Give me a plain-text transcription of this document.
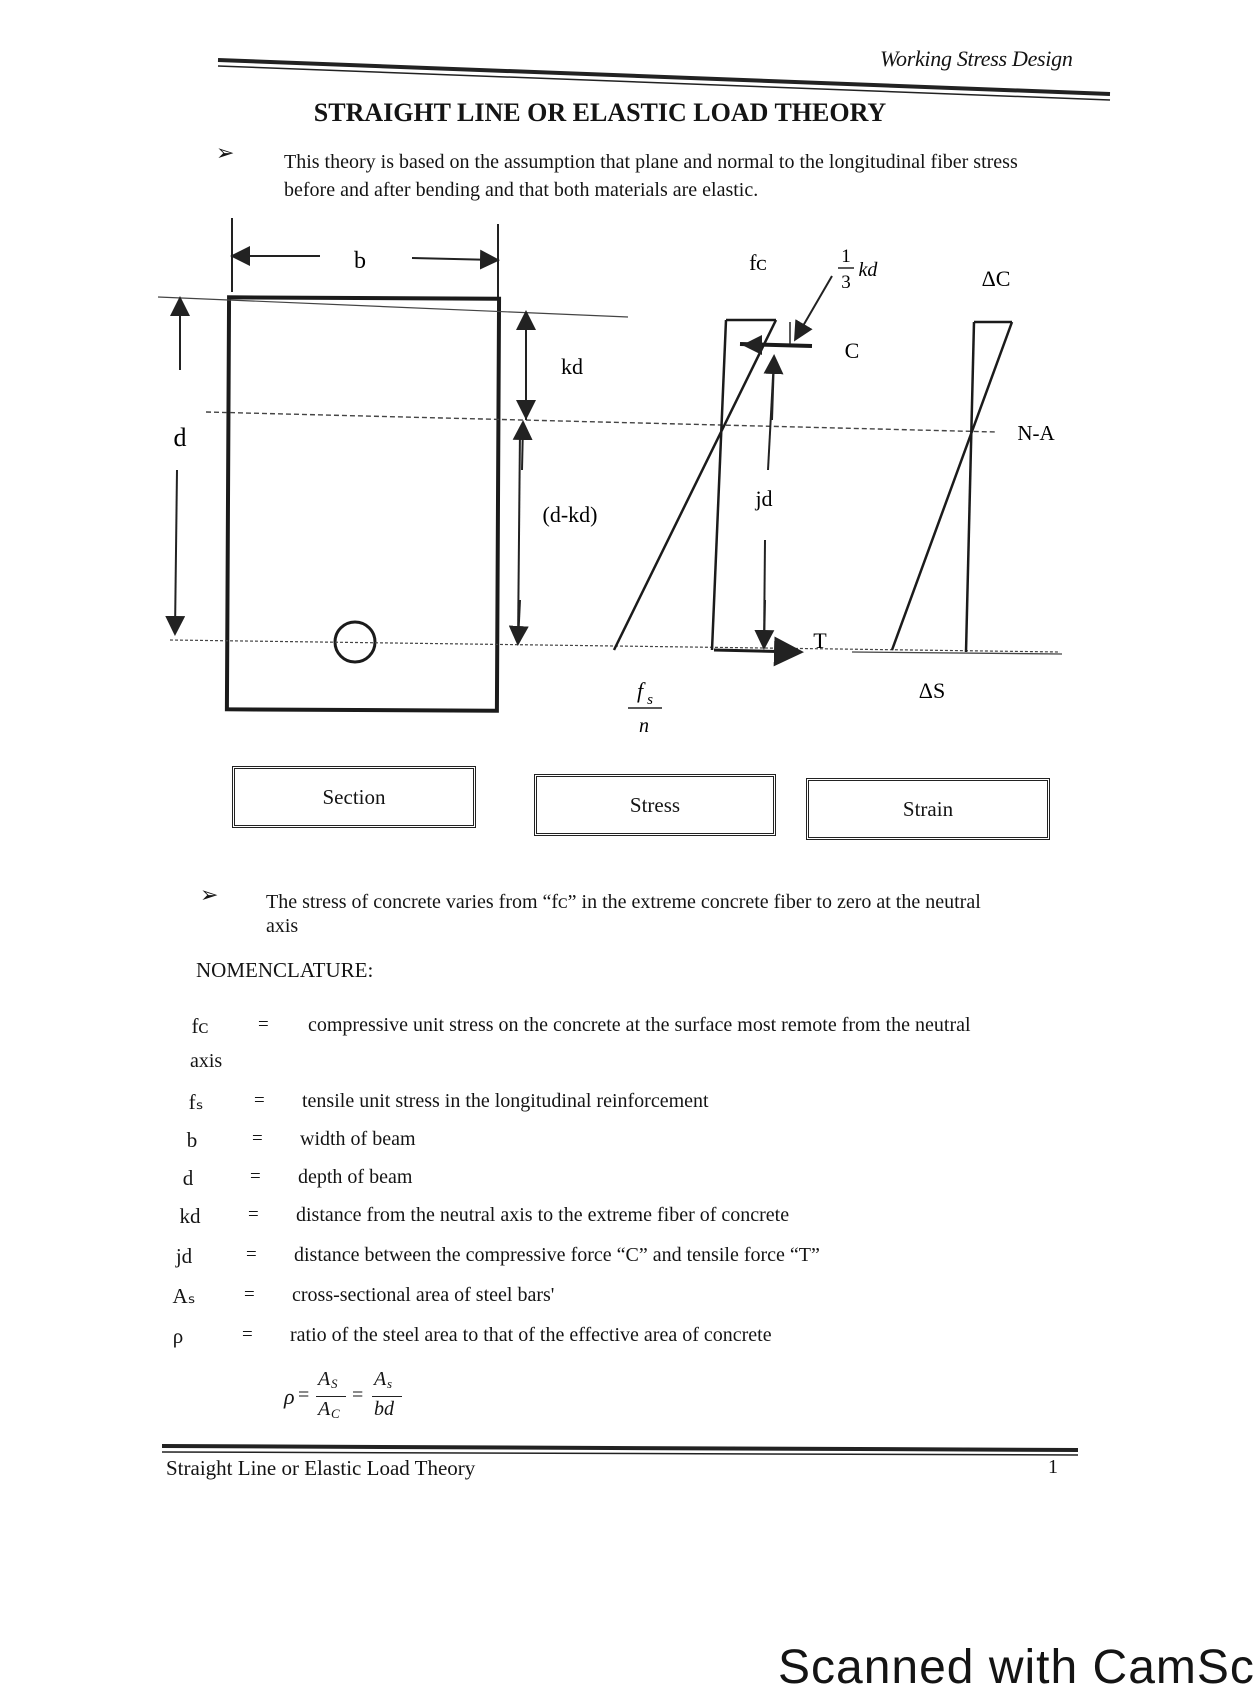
Working Stress Design
STRAIGHT LINE OR ELASTIC LOAD THEORY
➢ This theory is based on the assumption that plane and normal to the longitudinal fiber stress
before and after bending and that both materials are elastic.
b
d
kd
(d-kd)
fᴄ	1
3
kd
C
jd
T
f s
n
ΔC
N-A
ΔS
Section	Stress	Strain
➢ The stress of concrete varies from “fᴄ” in the extreme concrete fiber to zero at the neutral
axis
NOMENCLATURE:
fᴄ	= compressive unit stress on the concrete at the surface most remote from the neutral
axis
fₛ	= tensile unit stress in the longitudinal reinforcement
b	= width of beam
d	= depth of beam
kd	= distance from the neutral axis to the extreme fiber of concrete
jd	= distance between the compressive force “C” and tensile force “T”
Aₛ	= cross-sectional area of steel bars'
ρ	= ratio of the steel area to that of the effective area of concrete
ρ =
A S
A C
=
A s
bd
Straight Line or Elastic Load Theory	1
Scanned with CamSc
